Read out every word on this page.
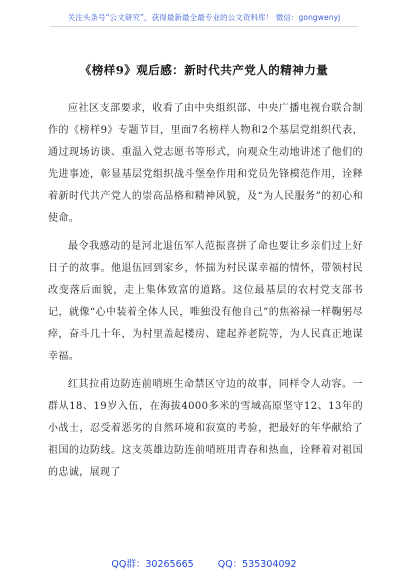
关注头条号“公文研究”，获得最新最全最专业的公文资料库！ 微信：gongwenyj
《榜样9》观后感：新时代共产党人的精神力量

应社区支部要求，收看了由中央组织部、中央广播电视台联合制作的《榜样9》专题节目，里面7名榜样人物和2个基层党组织代表，通过现场访谈、重温入党志愿书等形式，向观众生动地讲述了他们的先进事迹，彰显基层党组织战斗堡垒作用和党员先锋模范作用，诠释着新时代共产党人的崇高品格和精神风貌，及“为人民服务”的初心和使命。

最令我感动的是河北退伍军人范振喜拼了命也要让乡亲们过上好日子的故事。他退伍回到家乡，怀揣为村民谋幸福的情怀，带领村民改变落后面貌，走上集体致富的道路。这位最基层的农村党支部书记，就像“心中装着全体人民，唯独没有他自己”的焦裕禄一样鞠躬尽瘁，奋斗几十年，为村里盖起楼房、建起养老院等，为人民真正地谋幸福。

红其拉甫边防连前哨班生命禁区守边的故事，同样令人动容。一群从18、19岁入伍，在海拔4000多米的雪域高原坚守12、13年的小战士，忍受着恶劣的自然环境和寂寞的考验，把最好的年华献给了祖国的边防线。这支英雄边防连前哨班用青春和热血，诠释着对祖国的忠诚，展现了

QQ群：30265665	QQ：535304092
